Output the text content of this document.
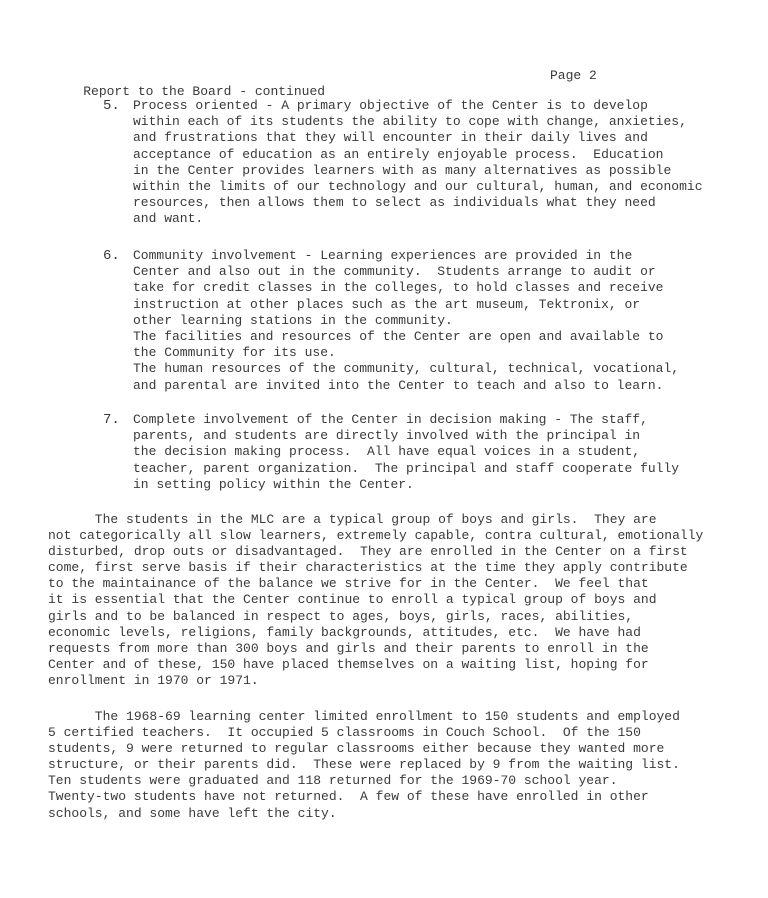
Report to the Board - continued

Page 2

5. Process oriented - A primary objective of the Center is to develop
within each of its students the ability to cope with change, anxieties,
and frustrations that they will encounter in their daily lives and
acceptance of education as an entirely enjoyable process.  Education
in the Center provides learners with as many alternatives as possible
within the limits of our technology and our cultural, human, and economic
resources, then allows them to select as individuals what they need
and want.
6. Community involvement - Learning experiences are provided in the
Center and also out in the community.  Students arrange to audit or
take for credit classes in the colleges, to hold classes and receive
instruction at other places such as the art museum, Tektronix, or
other learning stations in the community.
The facilities and resources of the Center are open and available to
the Community for its use.
The human resources of the community, cultural, technical, vocational,
and parental are invited into the Center to teach and also to learn.
7. Complete involvement of the Center in decision making - The staff,
parents, and students are directly involved with the principal in
the decision making process.  All have equal voices in a student,
teacher, parent organization.  The principal and staff cooperate fully
in setting policy within the Center.
The students in the MLC are a typical group of boys and girls.  They are
not categorically all slow learners, extremely capable, contra cultural, emotionally
disturbed, drop outs or disadvantaged.  They are enrolled in the Center on a first
come, first serve basis if their characteristics at the time they apply contribute
to the maintainance of the balance we strive for in the Center.  We feel that
it is essential that the Center continue to enroll a typical group of boys and
girls and to be balanced in respect to ages, boys, girls, races, abilities,
economic levels, religions, family backgrounds, attitudes, etc.  We have had
requests from more than 300 boys and girls and their parents to enroll in the
Center and of these, 150 have placed themselves on a waiting list, hoping for
enrollment in 1970 or 1971.
The 1968-69 learning center limited enrollment to 150 students and employed
5 certified teachers.  It occupied 5 classrooms in Couch School.  Of the 150
students, 9 were returned to regular classrooms either because they wanted more
structure, or their parents did.  These were replaced by 9 from the waiting list.
Ten students were graduated and 118 returned for the 1969-70 school year.
Twenty-two students have not returned.  A few of these have enrolled in other
schools, and some have left the city.
